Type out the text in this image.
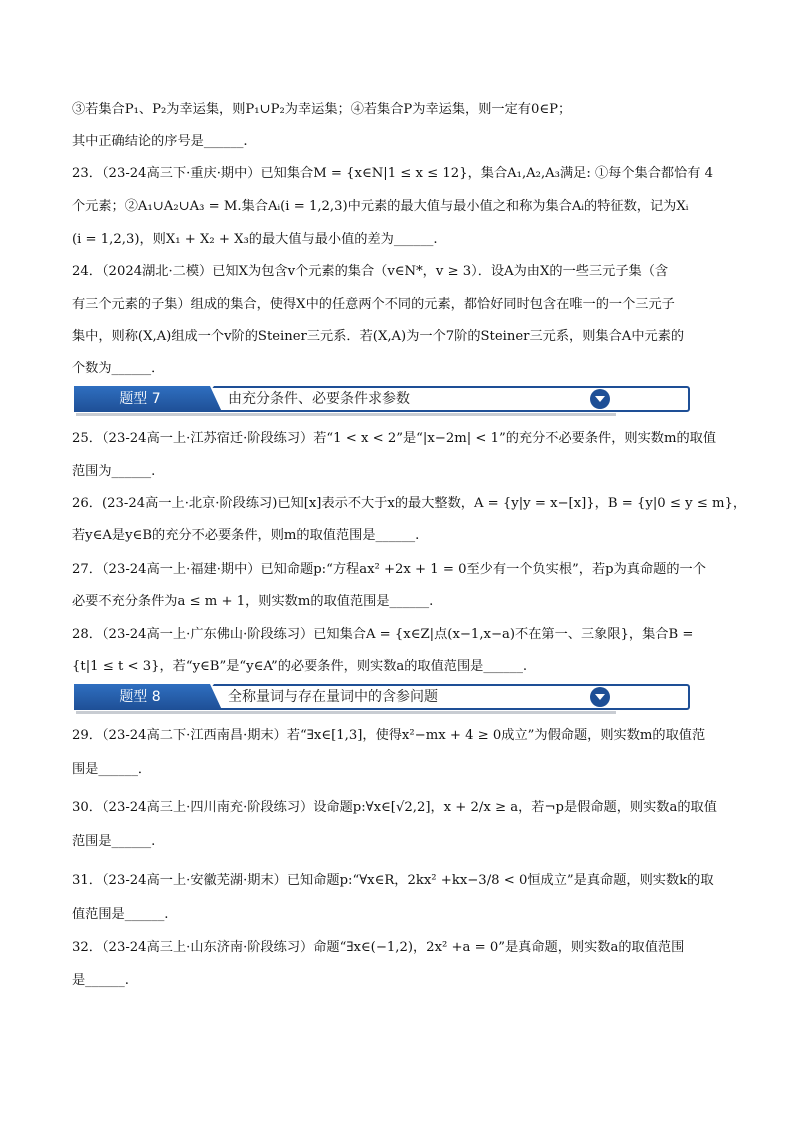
③若集合P₁、P₂为幸运集，则P₁∪P₂为幸运集；④若集合P为幸运集，则一定有0∈P；
其中正确结论的序号是______.
23．（23-24高三下·重庆·期中）已知集合M = {x∈N|1 ≤ x ≤ 12}，集合A₁,A₂,A₃满足: ①每个集合都恰有 4
个元素；②A₁∪A₂∪A₃ = M.集合Aᵢ(i = 1,2,3)中元素的最大值与最小值之和称为集合Aᵢ的特征数，记为Xᵢ
(i = 1,2,3)，则X₁ + X₂ + X₃的最大值与最小值的差为______.
24．（2024湖北·二模）已知X为包含v个元素的集合（v∈N*，v ≥ 3）．设A为由X的一些三元子集（含
有三个元素的子集）组成的集合，使得X中的任意两个不同的元素，都恰好同时包含在唯一的一个三元子
集中，则称(X,A)组成一个v阶的Steiner三元系．若(X,A)为一个7阶的Steiner三元系，则集合A中元素的
个数为______．
题型 7	由充分条件、必要条件求参数
25．（23-24高一上·江苏宿迁·阶段练习）若“1 < x < 2”是“|x−2m| < 1”的充分不必要条件，则实数m的取值
范围为______.
26．(23-24高一上·北京·阶段练习)已知[x]表示不大于x的最大整数，A = {y|y = x−[x]}，B = {y|0 ≤ y ≤ m}，
若y∈A是y∈B的充分不必要条件，则m的取值范围是______.
27．（23-24高一上·福建·期中）已知命题p:“方程ax² +2x + 1 = 0至少有一个负实根”，若p为真命题的一个
必要不充分条件为a ≤ m + 1，则实数m的取值范围是______.
28．（23-24高一上·广东佛山·阶段练习）已知集合A = {x∈Z|点(x−1,x−a)不在第一、三象限}，集合B =
{t|1 ≤ t < 3}，若“y∈B”是“y∈A”的必要条件，则实数a的取值范围是______.
题型 8	全称量词与存在量词中的含参问题
29．（23-24高二下·江西南昌·期末）若“∃x∈[1,3]，使得x²−mx + 4 ≥ 0成立”为假命题，则实数m的取值范
围是______．
30．（23-24高三上·四川南充·阶段练习）设命题p:∀x∈[√2,2]，x + 2/x ≥ a，若¬p是假命题，则实数a的取值
范围是______.
31．（23-24高一上·安徽芜湖·期末）已知命题p:“∀x∈R，2kx² +kx−3/8 < 0恒成立”是真命题，则实数k的取
值范围是______.
32．（23-24高三上·山东济南·阶段练习）命题“∃x∈(−1,2)，2x² +a = 0”是真命题，则实数a的取值范围
是______.
